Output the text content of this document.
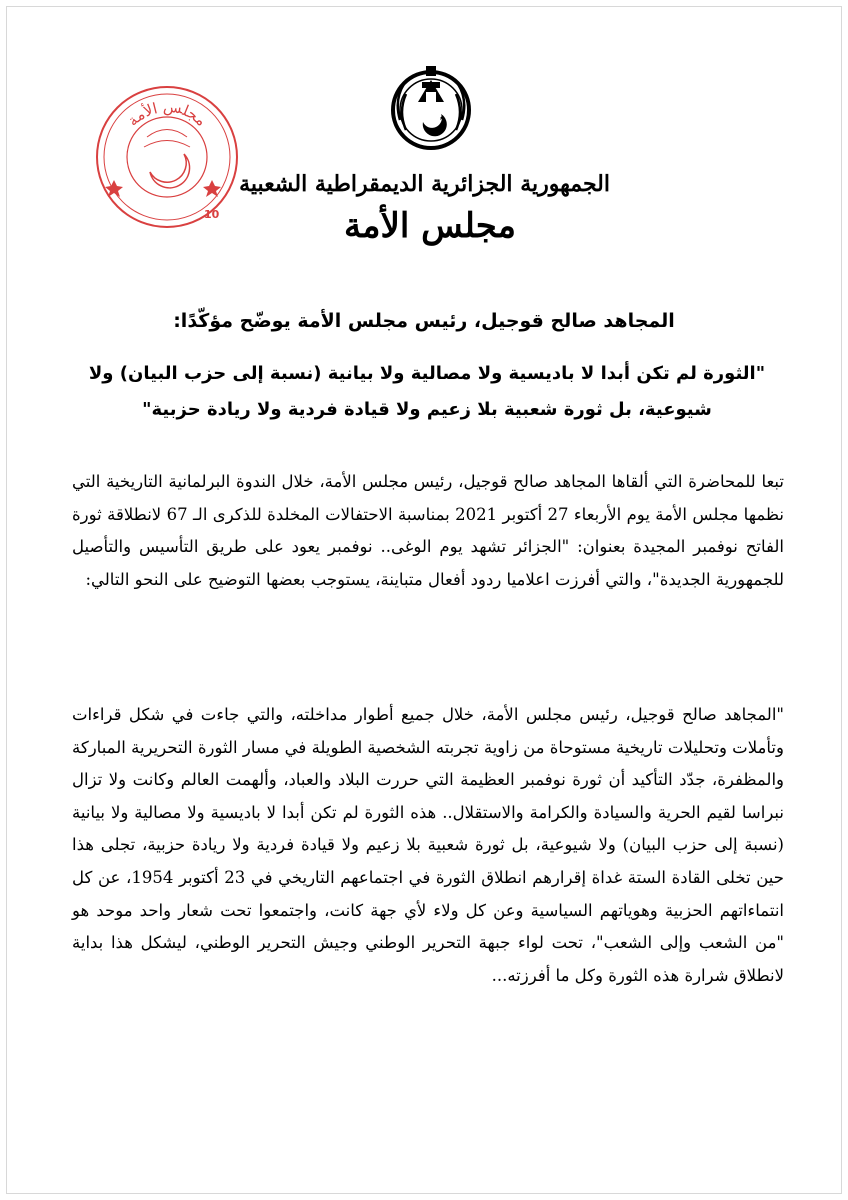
الجمهورية الجزائرية الديمقراطية الشعبية
مجلس الأمة
مجلس الأمة
10
المجاهد صالح قوجيل، رئيس مجلس الأمة يوضّح مؤكّدًا:
"الثورة لم تكن أبدا لا باديسية ولا مصالية ولا بيانية (نسبة إلى حزب البيان) ولا شيوعية، بل ثورة شعبية بلا زعيم ولا قيادة فردية ولا ريادة حزبية"
تبعا للمحاضرة التي ألقاها المجاهد صالح قوجيل، رئيس مجلس الأمة، خلال الندوة البرلمانية التاريخية التي نظمها مجلس الأمة يوم الأربعاء 27 أكتوبر 2021 بمناسبة الاحتفالات المخلدة للذكرى الـ 67 لانطلاقة ثورة الفاتح نوفمبر المجيدة بعنوان: "الجزائر تشهد يوم الوغى.. نوفمبر يعود على طريق التأسيس والتأصيل للجمهورية الجديدة"، والتي أفرزت اعلاميا ردود أفعال متباينة، يستوجب بعضها التوضيح على النحو التالي:
"المجاهد صالح قوجيل، رئيس مجلس الأمة، خلال جميع أطوار مداخلته، والتي جاءت في شكل قراءات وتأملات وتحليلات تاريخية مستوحاة من زاوية تجربته الشخصية الطويلة في مسار الثورة التحريرية المباركة والمظفرة، جدّد التأكيد أن ثورة نوفمبر العظيمة التي حررت البلاد والعباد، وألهمت العالم وكانت ولا تزال نبراسا لقيم الحرية والسيادة والكرامة والاستقلال.. هذه الثورة لم تكن أبدا لا باديسية ولا مصالية ولا بيانية (نسبة إلى حزب البيان) ولا شيوعية، بل ثورة شعبية بلا زعيم ولا قيادة فردية ولا ريادة حزبية، تجلى هذا حين تخلى القادة الستة غداة إقرارهم انطلاق الثورة في اجتماعهم التاريخي في 23 أكتوبر 1954، عن كل انتماءاتهم الحزبية وهوياتهم السياسية وعن كل ولاء لأي جهة كانت، واجتمعوا تحت شعار واحد موحد هو "من الشعب وإلى الشعب"، تحت لواء جبهة التحرير الوطني وجيش التحرير الوطني، ليشكل هذا بداية لانطلاق شرارة هذه الثورة وكل ما أفرزته...
